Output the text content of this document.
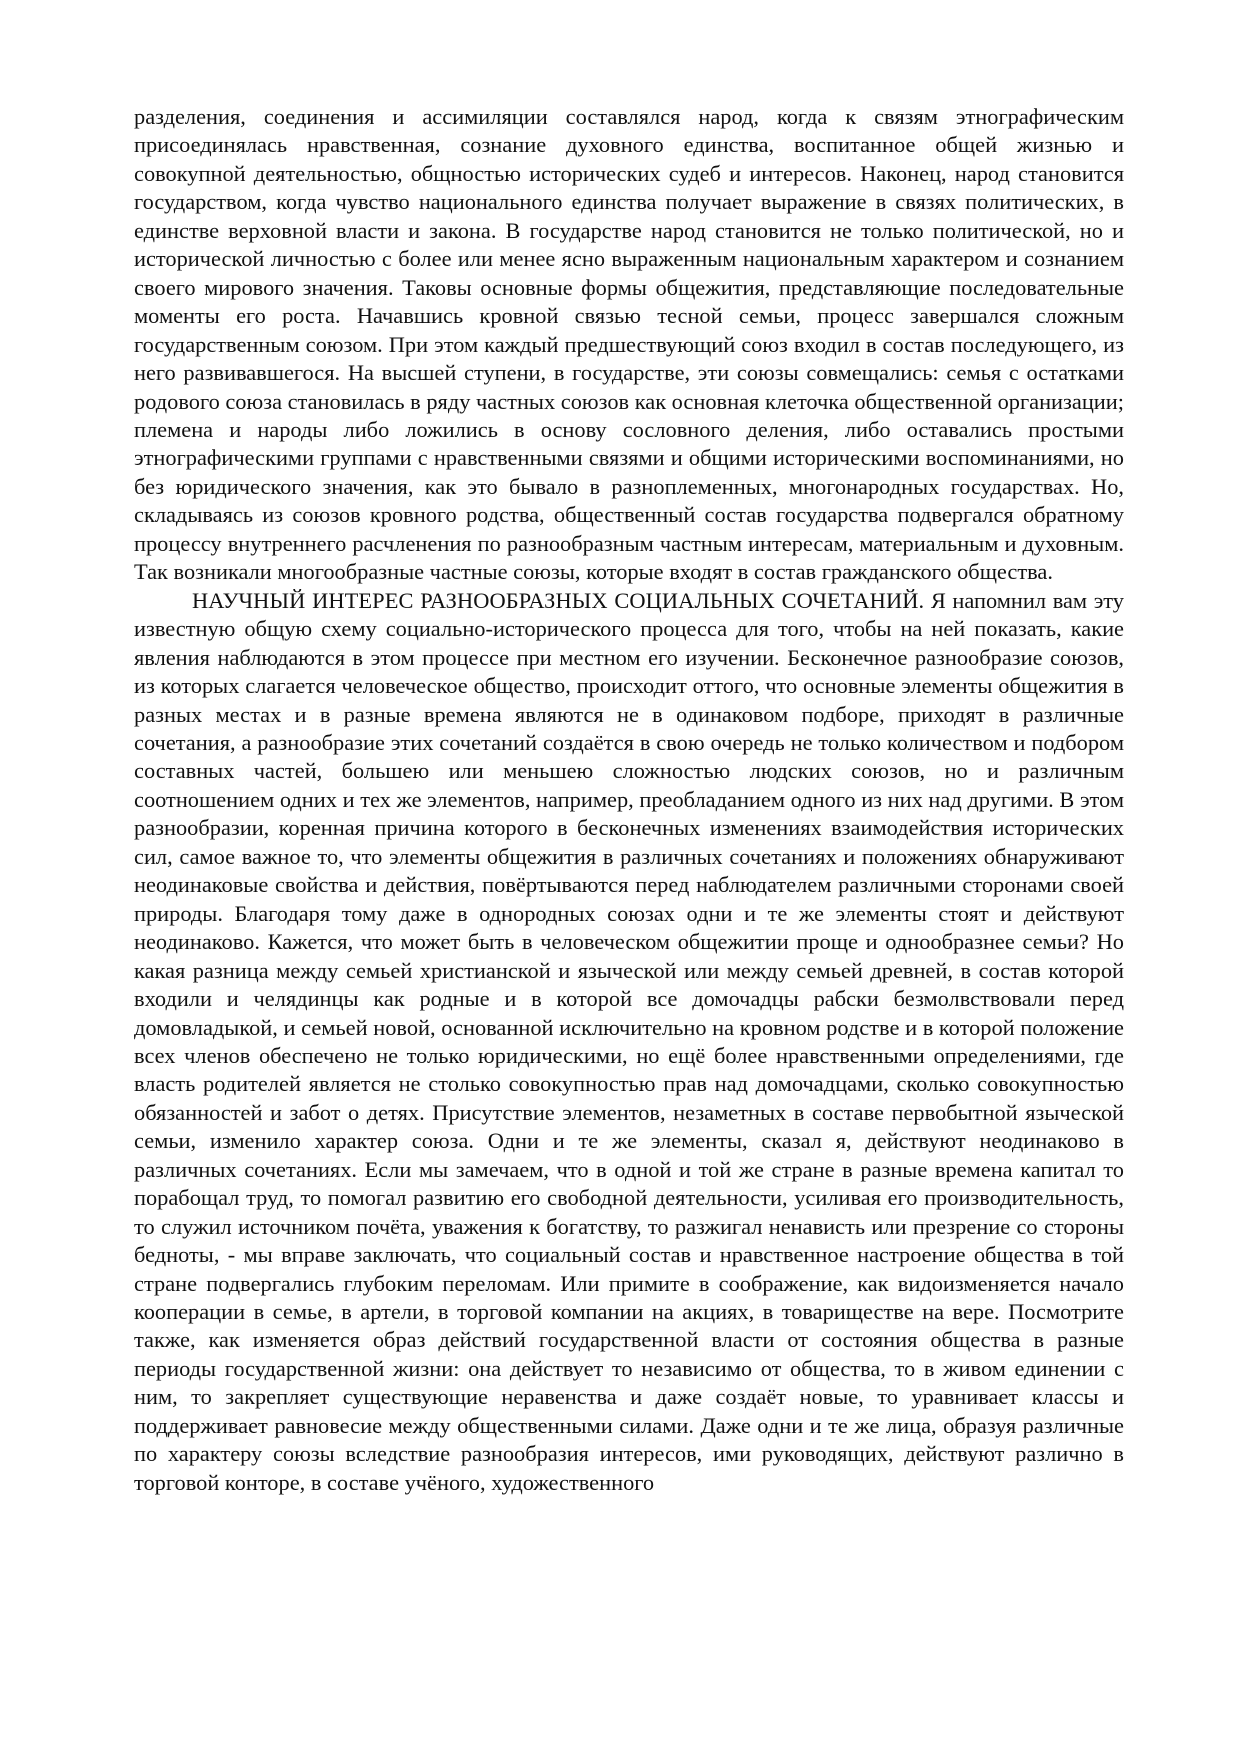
разделения, соединения и ассимиляции составлялся народ, когда к связям этнографическим присоединялась нравственная, сознание духовного единства, воспитанное общей жизнью и совокупной деятельностью, общностью исторических судеб и интересов. Наконец, народ становится государством, когда чувство национального единства получает выражение в связях политических, в единстве верховной власти и закона. В государстве народ становится не только политической, но и исторической личностью с более или менее ясно выраженным национальным характером и сознанием своего мирового значения. Таковы основные формы общежития, представляющие последовательные моменты его роста. Начавшись кровной связью тесной семьи, процесс завершался сложным государственным союзом. При этом каждый предшествующий союз входил в состав последующего, из него развивавшегося. На высшей ступени, в государстве, эти союзы совмещались: семья с остатками родового союза становилась в ряду частных союзов как основная клеточка общественной организации; племена и народы либо ложились в основу сословного деления, либо оставались простыми этнографическими группами с нравственными связями и общими историческими воспоминаниями, но без юридического значения, как это бывало в разноплеменных, многонародных государствах. Но, складываясь из союзов кровного родства, общественный состав государства подвергался обратному процессу внутреннего расчленения по разнообразным частным интересам, материальным и духовным. Так возникали многообразные частные союзы, которые входят в состав гражданского общества.

НАУЧНЫЙ ИНТЕРЕС РАЗНООБРАЗНЫХ СОЦИАЛЬНЫХ СОЧЕТАНИЙ. Я напомнил вам эту известную общую схему социально-исторического процесса для того, чтобы на ней показать, какие явления наблюдаются в этом процессе при местном его изучении. Бесконечное разнообразие союзов, из которых слагается человеческое общество, происходит оттого, что основные элементы общежития в разных местах и в разные времена являются не в одинаковом подборе, приходят в различные сочетания, а разнообразие этих сочетаний создаётся в свою очередь не только количеством и подбором составных частей, большею или меньшею сложностью людских союзов, но и различным соотношением одних и тех же элементов, например, преобладанием одного из них над другими. В этом разнообразии, коренная причина которого в бесконечных изменениях взаимодействия исторических сил, самое важное то, что элементы общежития в различных сочетаниях и положениях обнаруживают неодинаковые свойства и действия, повёртываются перед наблюдателем различными сторонами своей природы. Благодаря тому даже в однородных союзах одни и те же элементы стоят и действуют неодинаково. Кажется, что может быть в человеческом общежитии проще и однообразнее семьи? Но какая разница между семьей христианской и языческой или между семьей древней, в состав которой входили и челядинцы как родные и в которой все домочадцы рабски безмолвствовали перед домовладыкой, и семьей новой, основанной исключительно на кровном родстве и в которой положение всех членов обеспечено не только юридическими, но ещё более нравственными определениями, где власть родителей является не столько совокупностью прав над домочадцами, сколько совокупностью обязанностей и забот о детях. Присутствие элементов, незаметных в составе первобытной языческой семьи, изменило характер союза. Одни и те же элементы, сказал я, действуют неодинаково в различных сочетаниях. Если мы замечаем, что в одной и той же стране в разные времена капитал то порабощал труд, то помогал развитию его свободной деятельности, усиливая его производительность, то служил источником почёта, уважения к богатству, то разжигал ненависть или презрение со стороны бедноты, - мы вправе заключать, что социальный состав и нравственное настроение общества в той стране подвергались глубоким переломам. Или примите в соображение, как видоизменяется начало кооперации в семье, в артели, в торговой компании на акциях, в товариществе на вере. Посмотрите также, как изменяется образ действий государственной власти от состояния общества в разные периоды государственной жизни: она действует то независимо от общества, то в живом единении с ним, то закрепляет существующие неравенства и даже создаёт новые, то уравнивает классы и поддерживает равновесие между общественными силами. Даже одни и те же лица, образуя различные по характеру союзы вследствие разнообразия интересов, ими руководящих, действуют различно в торговой конторе, в составе учёного, художественного
